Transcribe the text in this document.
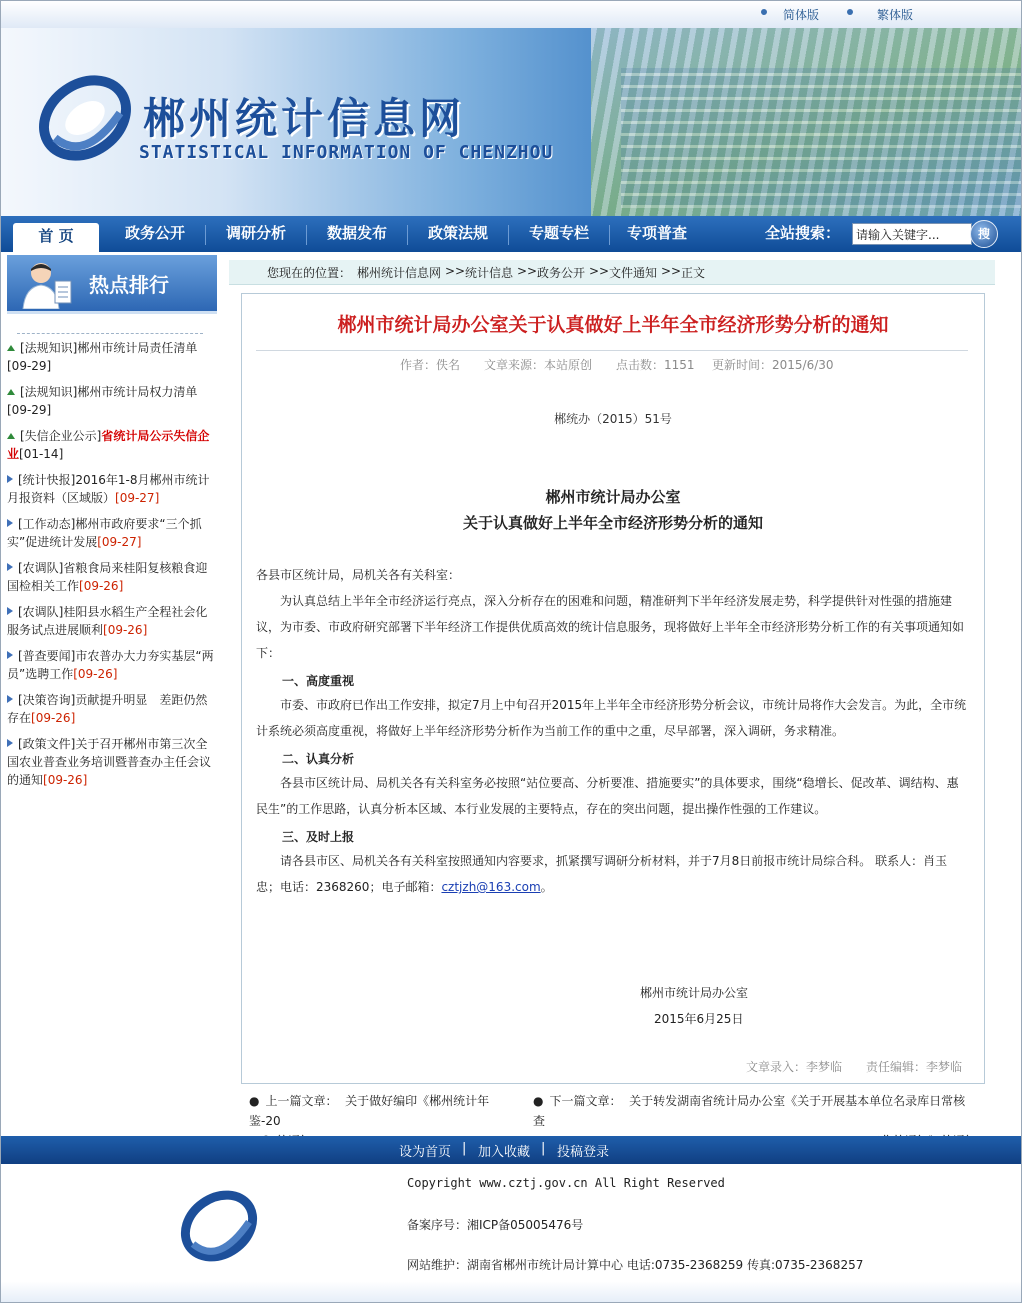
简体版	繁体版
郴州统计信息网
STATISTICAL INFORMATION OF CHENZHOU
首 页	政务公开	调研分析	数据发布	政策法规	专题专栏	专项普查	全站搜索：
请输入关键字...	搜
热点排行
[法规知识]郴州市统计局责任清单
[09-29]
[法规知识]郴州市统计局权力清单
[09-29]
[失信企业公示]省统计局公示失信企业[01-14]
[统计快报]2016年1-8月郴州市统计月报资料（区域版）[09-27]
[工作动态]郴州市政府要求“三个抓实”促进统计发展[09-27]
[农调队]省粮食局来桂阳复核粮食迎国检相关工作[09-26]
[农调队]桂阳县水稻生产全程社会化服务试点进展顺利[09-26]
[普查要闻]市农普办大力夯实基层“两员”选聘工作[09-26]
[决策咨询]贡献提升明显　差距仍然存在[09-26]
[政策文件]关于召开郴州市第三次全国农业普查业务培训暨普查办主任会议的通知[09-26]
您现在的位置： 郴州统计信息网 >> 统计信息 >> 政务公开 >> 文件通知 >> 正文
郴州市统计局办公室关于认真做好上半年全市经济形势分析的通知
作者：佚名 文章来源：本站原创 点击数：1151 更新时间：2015/6/30
郴统办（2015）51号
郴州市统计局办公室
关于认真做好上半年全市经济形势分析的通知
各县市区统计局，局机关各有关科室：
为认真总结上半年全市经济运行亮点，深入分析存在的困难和问题，精准研判下半年经济发展走势，科学提供针对性强的措施建议，为市委、市政府研究部署下半年经济工作提供优质高效的统计信息服务，现将做好上半年全市经济形势分析工作的有关事项通知如下：
一、高度重视
市委、市政府已作出工作安排，拟定7月上中旬召开2015年上半年全市经济形势分析会议，市统计局将作大会发言。为此，全市统计系统必须高度重视，将做好上半年经济形势分析作为当前工作的重中之重，尽早部署，深入调研，务求精准。
二、认真分析
各县市区统计局、局机关各有关科室务必按照“站位要高、分析要准、措施要实”的具体要求，围绕“稳增长、促改革、调结构、惠民生”的工作思路，认真分析本区域、本行业发展的主要特点，存在的突出问题，提出操作性强的工作建议。
三、及时上报
请各县市区、局机关各有关科室按照通知内容要求，抓紧撰写调研分析材料，并于7月8日前报市统计局综合科。 联系人：肖玉忠；电话：2368260；电子邮箱：cztjzh@163.com。
郴州市统计局办公室
2015年6月25日
文章录入：李梦临 责任编辑：李梦临
● 上一篇文章： 关于做好编印《郴州统计年鉴-20

● 下一篇文章： 关于转发湖南省统计局办公室《关于开展基本单位名录库日常核查

设为首页 | 加入收藏 | 投稿登录
Copyright www.cztj.gov.cn All Right Reserved
备案序号：湘ICP备05005476号
网站维护：湖南省郴州市统计局计算中心 电话:0735-2368259 传真:0735-2368257
